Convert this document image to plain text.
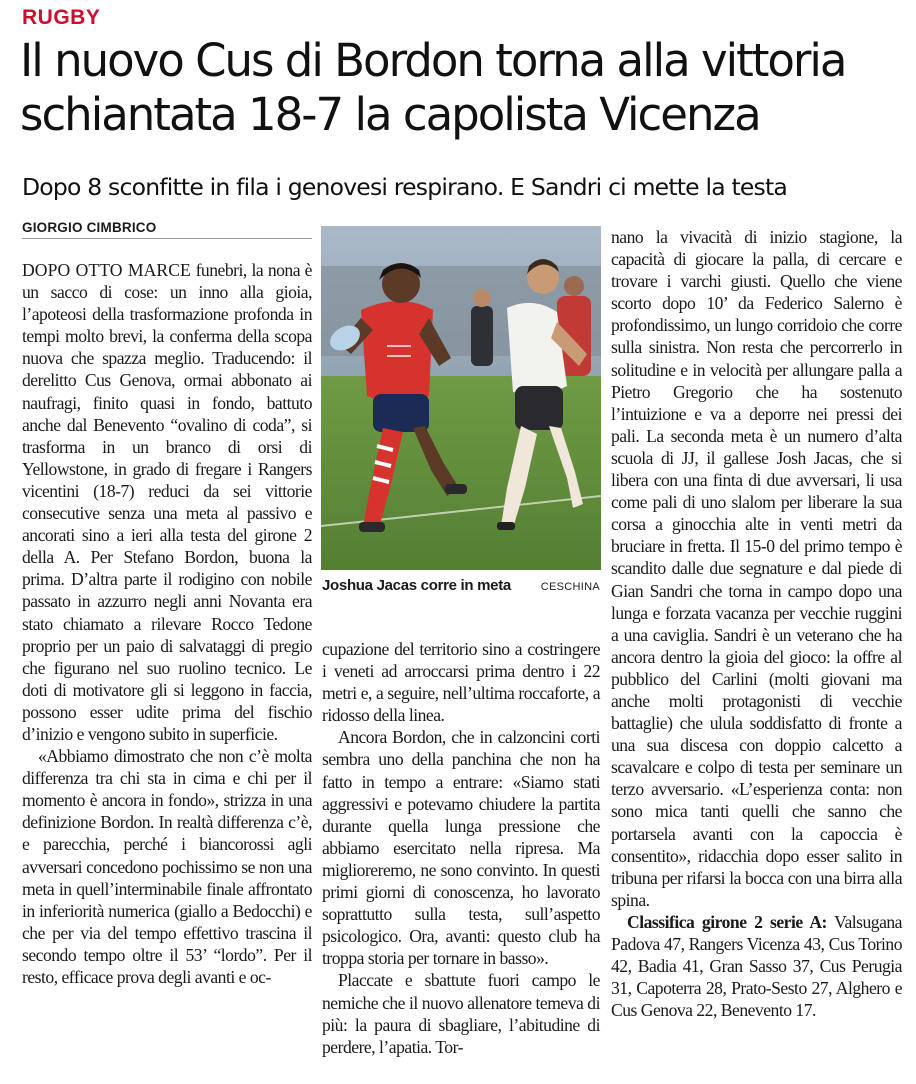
RUGBY
Il nuovo Cus di Bordon torna alla vittoria schiantata 18-7 la capolista Vicenza
Dopo 8 sconfitte in fila i genovesi respirano. E Sandri ci mette la testa
GIORGIO CIMBRICO

DOPO OTTO MARCE funebri, la nona è un sacco di cose: un inno alla gioia, l’apoteosi della trasformazione profonda in tempi molto brevi, la conferma della scopa nuova che spazza meglio. Traducendo: il derelitto Cus Genova, ormai abbonato ai naufragi, finito quasi in fondo, battuto anche dal Benevento “ovalino di coda”, si trasforma in un branco di orsi di Yellowstone, in grado di fregare i Rangers vicentini (18-7) reduci da sei vittorie consecutive senza una meta al passivo e ancorati sino a ieri alla testa del girone 2 della A. Per Stefano Bordon, buona la prima. D’altra parte il rodigino con nobile passato in azzurro negli anni Novanta era stato chiamato a rilevare Rocco Tedone proprio per un paio di salvataggi di pregio che figurano nel suo ruolino tecnico. Le doti di motivatore gli si leggono in faccia, possono esser udite prima del fischio d’inizio e vengono subito in superficie.

«Abbiamo dimostrato che non c’è molta differenza tra chi sta in cima e chi per il momento è ancora in fondo», strizza in una definizione Bordon. In realtà differenza c’è, e parecchia, perché i biancorossi agli avversari concedono pochissimo se non una meta in quell’interminabile finale affrontato in inferiorità numerica (giallo a Bedocchi) e che per via del tempo effettivo trascina il secondo tempo oltre il 53’ “lordo”. Per il resto, efficace prova degli avanti e oc-

Joshua Jacas corre in meta	CESCHINA

cupazione del territorio sino a costringere i veneti ad arroccarsi prima dentro i 22 metri e, a seguire, nell’ultima roccaforte, a ridosso della linea.

Ancora Bordon, che in calzoncini corti sembra uno della panchina che non ha fatto in tempo a entrare: «Siamo stati aggressivi e potevamo chiudere la partita durante quella lunga pressione che abbiamo esercitato nella ripresa. Ma miglioreremo, ne sono convinto. In questi primi giorni di conoscenza, ho lavorato soprattutto sulla testa, sull’aspetto psicologico. Ora, avanti: questo club ha troppa storia per tornare in basso».

Placcate e sbattute fuori campo le nemiche che il nuovo allenatore temeva di più: la paura di sbagliare, l’abitudine di perdere, l’apatia. Tor-

nano la vivacità di inizio stagione, la capacità di giocare la palla, di cercare e trovare i varchi giusti. Quello che viene scorto dopo 10’ da Federico Salerno è profondissimo, un lungo corridoio che corre sulla sinistra. Non resta che percorrerlo in solitudine e in velocità per allungare palla a Pietro Gregorio che ha sostenuto l’intuizione e va a deporre nei pressi dei pali. La seconda meta è un numero d’alta scuola di JJ, il gallese Josh Jacas, che si libera con una finta di due avversari, li usa come pali di uno slalom per liberare la sua corsa a ginocchia alte in venti metri da bruciare in fretta. Il 15-0 del primo tempo è scandito dalle due segnature e dal piede di Gian Sandri che torna in campo dopo una lunga e forzata vacanza per vecchie ruggini a una caviglia. Sandri è un veterano che ha ancora dentro la gioia del gioco: la offre al pubblico del Carlini (molti giovani ma anche molti protagonisti di vecchie battaglie) che ulula soddisfatto di fronte a una sua discesa con doppio calcetto a scavalcare e colpo di testa per seminare un terzo avversario. «L’esperienza conta: non sono mica tanti quelli che sanno che portarsela avanti con la capoccia è consentito», ridacchia dopo esser salito in tribuna per rifarsi la bocca con una birra alla spina.

Classifica girone 2 serie A: Valsugana Padova 47, Rangers Vicenza 43, Cus Torino 42, Badia 41, Gran Sasso 37, Cus Perugia 31, Capoterra 28, Prato-Sesto 27, Alghero e Cus Genova 22, Benevento 17.
